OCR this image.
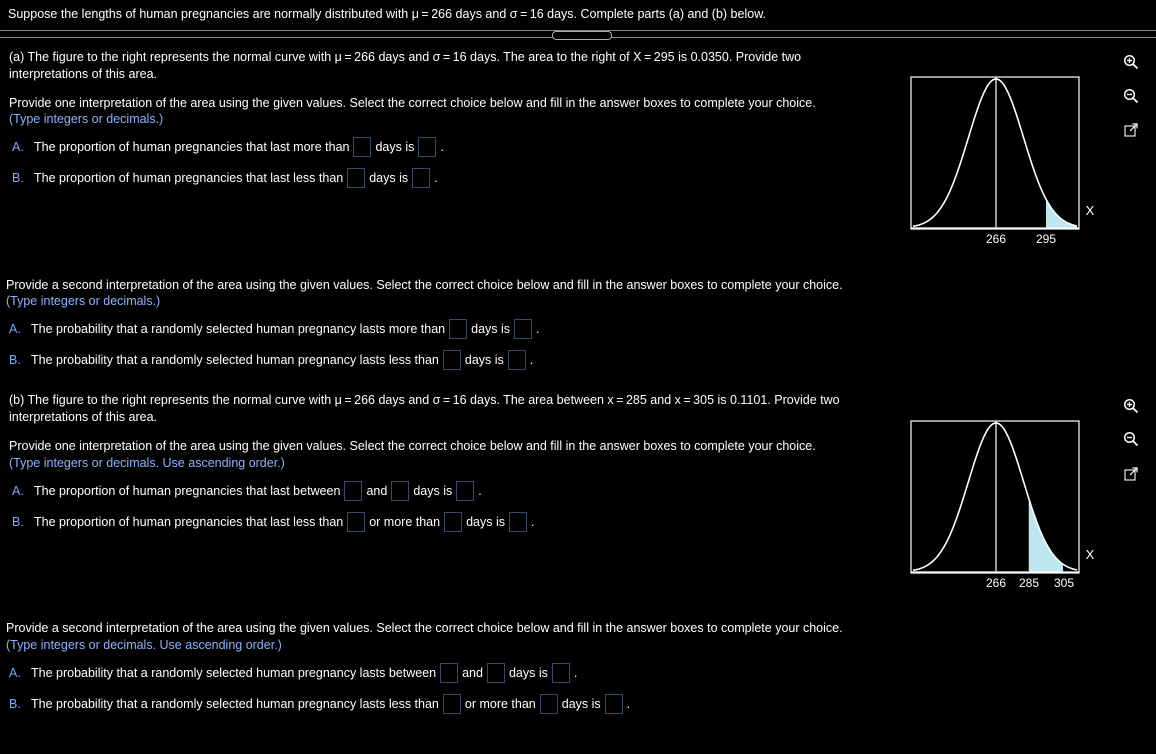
Suppose the lengths of human pregnancies are normally distributed with μ = 266 days and σ = 16 days. Complete parts (a) and (b) below.
(a) The figure to the right represents the normal curve with μ = 266 days and σ = 16 days. The area to the right of X = 295 is 0.0350. Provide two
interpretations of this area.
Provide one interpretation of the area using the given values. Select the correct choice below and fill in the answer boxes to complete your choice.
(Type integers or decimals.)
A. The proportion of human pregnancies that last more than days is .
B. The proportion of human pregnancies that last less than days is .
Provide a second interpretation of the area using the given values. Select the correct choice below and fill in the answer boxes to complete your choice.
(Type integers or decimals.)
A. The probability that a randomly selected human pregnancy lasts more than days is .
B. The probability that a randomly selected human pregnancy lasts less than days is .
266 295
X
(b) The figure to the right represents the normal curve with μ = 266 days and σ = 16 days. The area between x = 285 and x = 305 is 0.1101. Provide two
interpretations of this area.
Provide one interpretation of the area using the given values. Select the correct choice below and fill in the answer boxes to complete your choice.
(Type integers or decimals. Use ascending order.)
A. The proportion of human pregnancies that last between and days is .
B. The proportion of human pregnancies that last less than or more than days is .
Provide a second interpretation of the area using the given values. Select the correct choice below and fill in the answer boxes to complete your choice.
(Type integers or decimals. Use ascending order.)
A. The probability that a randomly selected human pregnancy lasts between and days is .
B. The probability that a randomly selected human pregnancy lasts less than or more than days is .
266 285 305
X
